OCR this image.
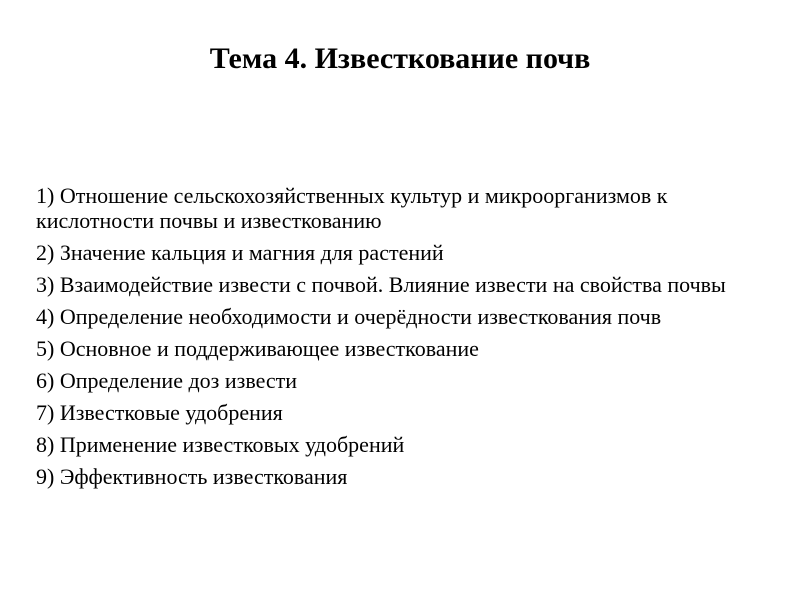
Тема 4. Известкование почв
1) Отношение сельскохозяйственных культур и микроорганизмов к кислотности почвы и известкованию
2) Значение кальция и магния для растений
3) Взаимодействие извести с почвой. Влияние извести на свойства почвы
4) Определение необходимости и очерёдности известкования почв
5) Основное и поддерживающее известкование
6) Определение доз извести
7) Известковые удобрения
8) Применение известковых удобрений
9) Эффективность известкования
